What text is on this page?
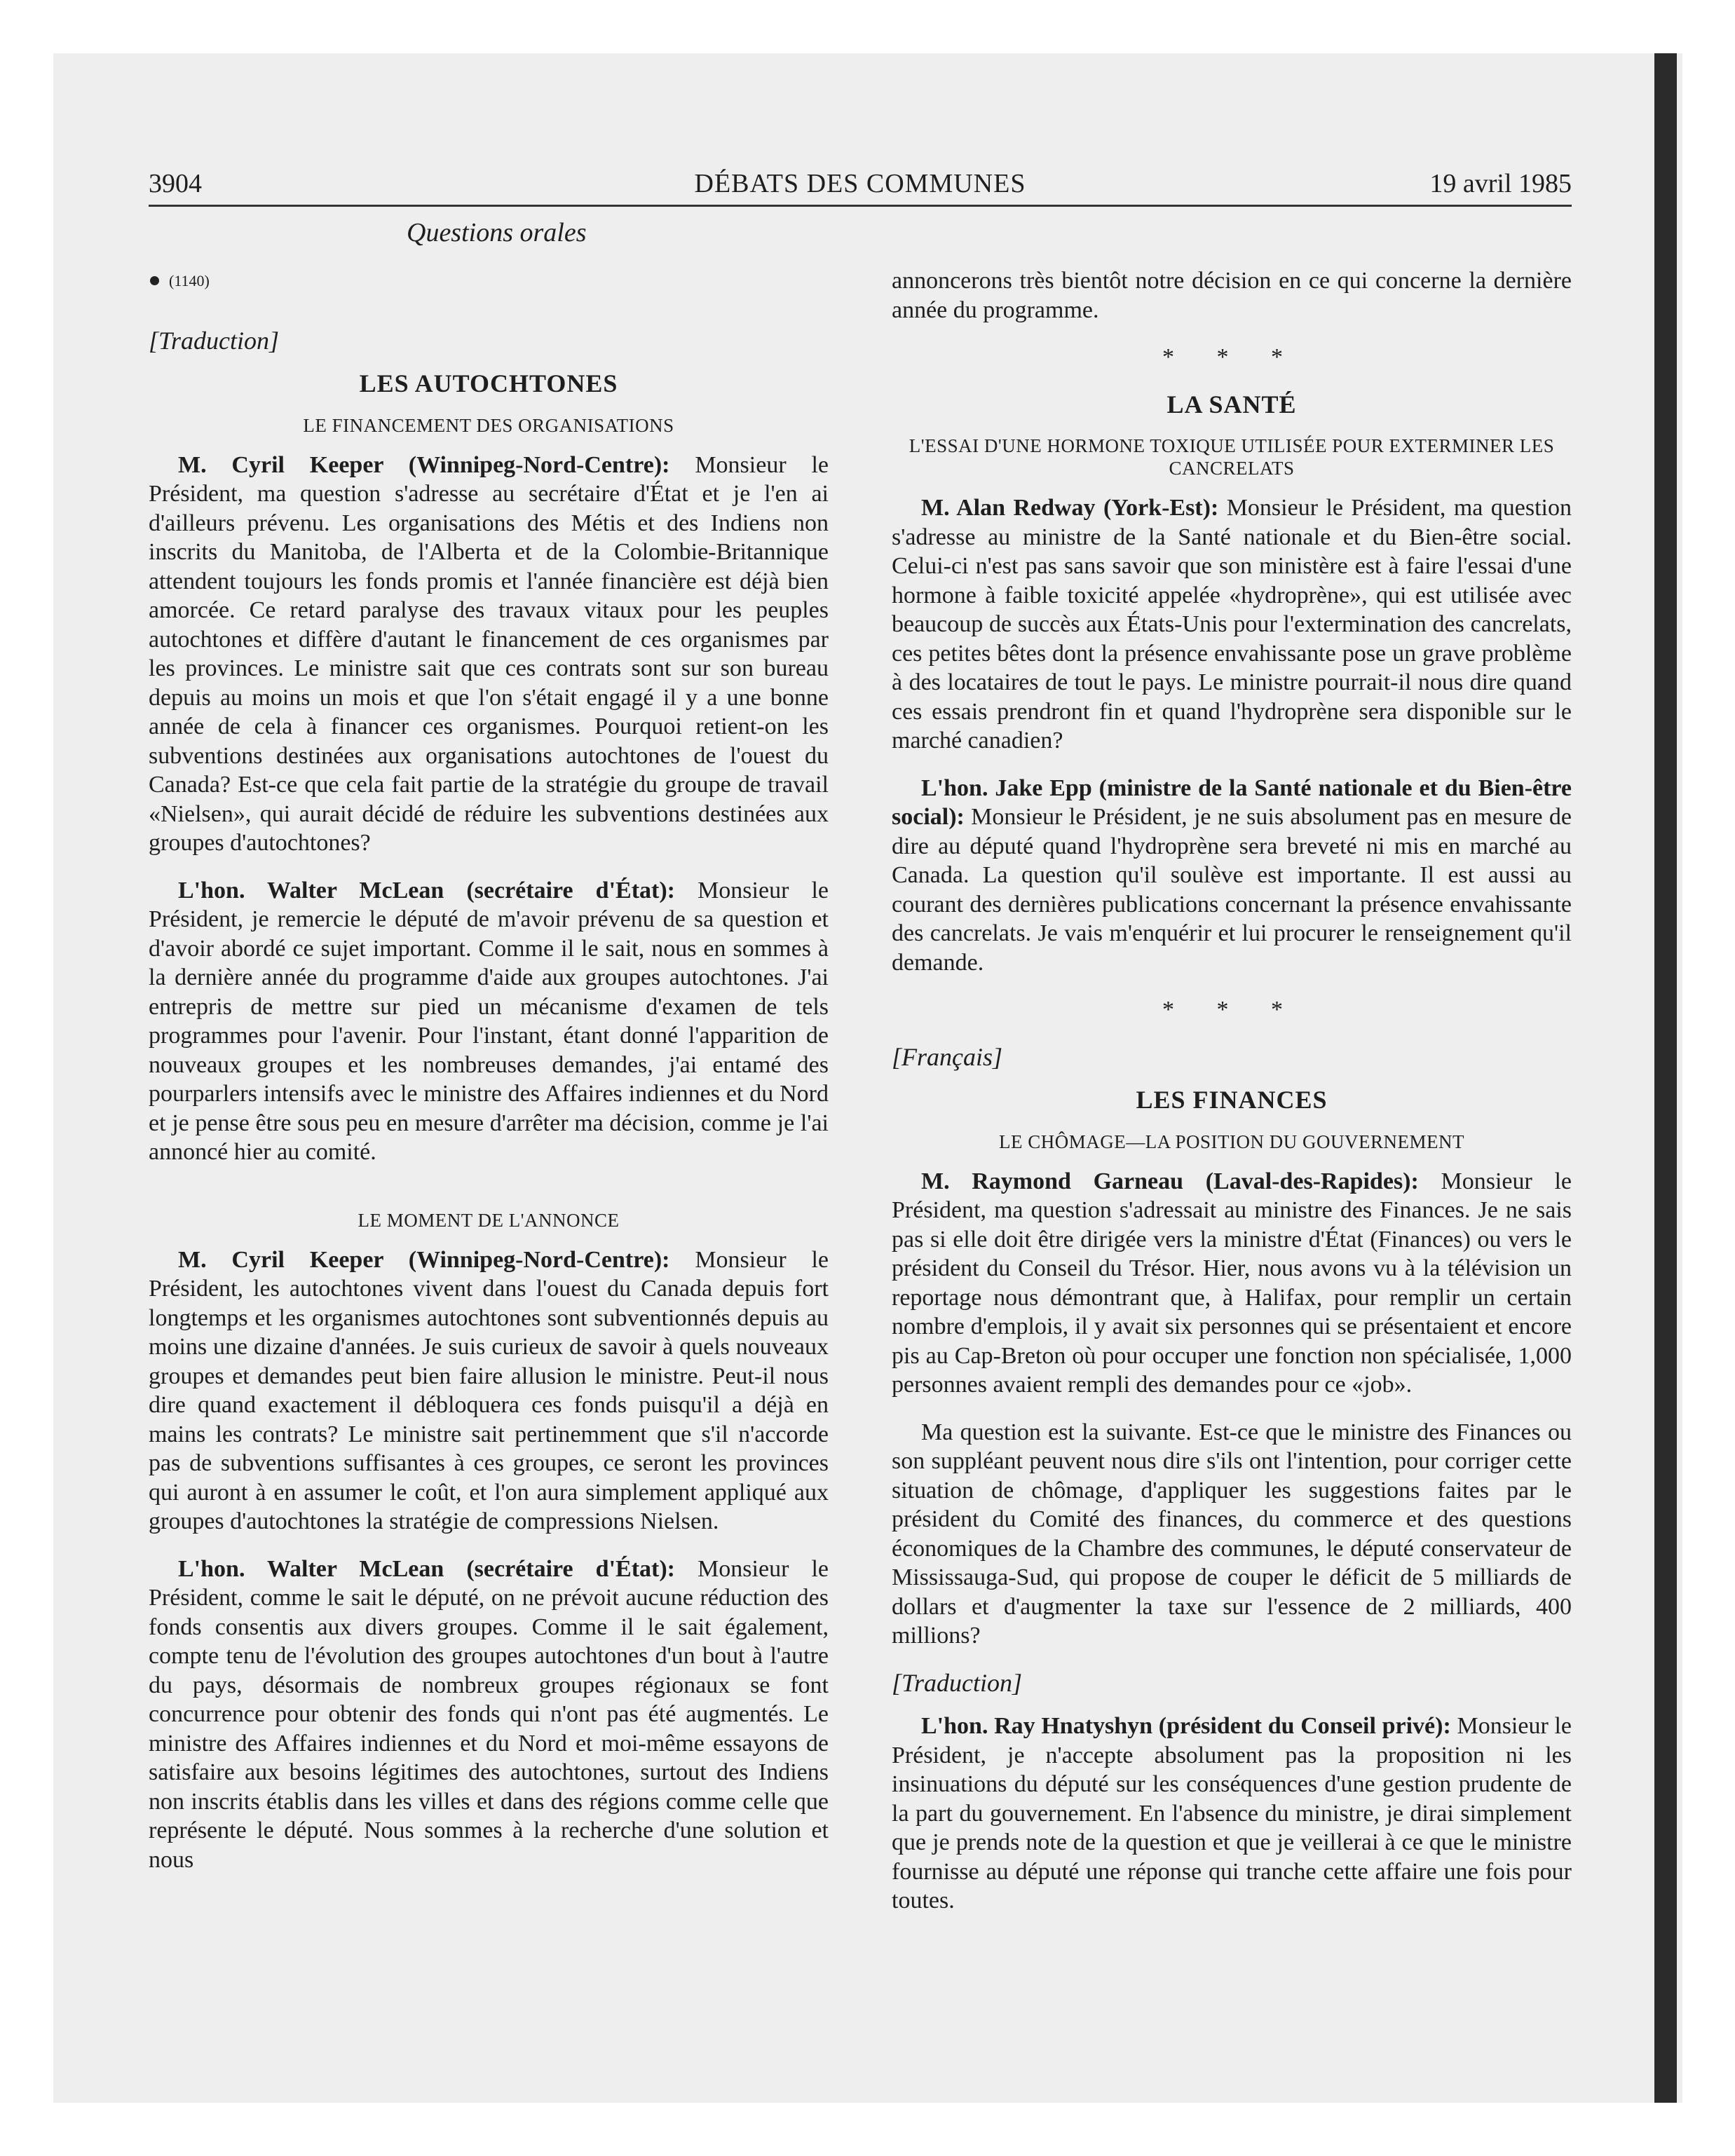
3904	DÉBATS DES COMMUNES	19 avril 1985
Questions orales
(1140)
[Traduction]
LES AUTOCHTONES
LE FINANCEMENT DES ORGANISATIONS

M. Cyril Keeper (Winnipeg-Nord-Centre): Monsieur le Président, ma question s'adresse au secrétaire d'État et je l'en ai d'ailleurs prévenu. Les organisations des Métis et des Indiens non inscrits du Manitoba, de l'Alberta et de la Colombie-Britannique attendent toujours les fonds promis et l'année financière est déjà bien amorcée. Ce retard paralyse des travaux vitaux pour les peuples autochtones et diffère d'autant le financement de ces organismes par les provinces. Le ministre sait que ces contrats sont sur son bureau depuis au moins un mois et que l'on s'était engagé il y a une bonne année de cela à financer ces organismes. Pourquoi retient-on les subventions destinées aux organisations autochtones de l'ouest du Canada? Est-ce que cela fait partie de la stratégie du groupe de travail «Nielsen», qui aurait décidé de réduire les subventions destinées aux groupes d'autochtones?

L'hon. Walter McLean (secrétaire d'État): Monsieur le Président, je remercie le député de m'avoir prévenu de sa question et d'avoir abordé ce sujet important. Comme il le sait, nous en sommes à la dernière année du programme d'aide aux groupes autochtones. J'ai entrepris de mettre sur pied un mécanisme d'examen de tels programmes pour l'avenir. Pour l'instant, étant donné l'apparition de nouveaux groupes et les nombreuses demandes, j'ai entamé des pourparlers intensifs avec le ministre des Affaires indiennes et du Nord et je pense être sous peu en mesure d'arrêter ma décision, comme je l'ai annoncé hier au comité.

LE MOMENT DE L'ANNONCE

M. Cyril Keeper (Winnipeg-Nord-Centre): Monsieur le Président, les autochtones vivent dans l'ouest du Canada depuis fort longtemps et les organismes autochtones sont subventionnés depuis au moins une dizaine d'années. Je suis curieux de savoir à quels nouveaux groupes et demandes peut bien faire allusion le ministre. Peut-il nous dire quand exactement il débloquera ces fonds puisqu'il a déjà en mains les contrats? Le ministre sait pertinemment que s'il n'accorde pas de subventions suffisantes à ces groupes, ce seront les provinces qui auront à en assumer le coût, et l'on aura simplement appliqué aux groupes d'autochtones la stratégie de compressions Nielsen.

L'hon. Walter McLean (secrétaire d'État): Monsieur le Président, comme le sait le député, on ne prévoit aucune réduction des fonds consentis aux divers groupes. Comme il le sait également, compte tenu de l'évolution des groupes autochtones d'un bout à l'autre du pays, désormais de nombreux groupes régionaux se font concurrence pour obtenir des fonds qui n'ont pas été augmentés. Le ministre des Affaires indiennes et du Nord et moi-même essayons de satisfaire aux besoins légitimes des autochtones, surtout des Indiens non inscrits établis dans les villes et dans des régions comme celle que représente le député. Nous sommes à la recherche d'une solution et nous

annoncerons très bientôt notre décision en ce qui concerne la dernière année du programme.

* * *
LA SANTÉ
L'ESSAI D'UNE HORMONE TOXIQUE UTILISÉE POUR EXTERMINER LES CANCRELATS

M. Alan Redway (York-Est): Monsieur le Président, ma question s'adresse au ministre de la Santé nationale et du Bien-être social. Celui-ci n'est pas sans savoir que son ministère est à faire l'essai d'une hormone à faible toxicité appelée «hydroprène», qui est utilisée avec beaucoup de succès aux États-Unis pour l'extermination des cancrelats, ces petites bêtes dont la présence envahissante pose un grave problème à des locataires de tout le pays. Le ministre pourrait-il nous dire quand ces essais prendront fin et quand l'hydroprène sera disponible sur le marché canadien?

L'hon. Jake Epp (ministre de la Santé nationale et du Bien-être social): Monsieur le Président, je ne suis absolument pas en mesure de dire au député quand l'hydroprène sera breveté ni mis en marché au Canada. La question qu'il soulève est importante. Il est aussi au courant des dernières publications concernant la présence envahissante des cancrelats. Je vais m'enquérir et lui procurer le renseignement qu'il demande.

* * *
[Français]
LES FINANCES
LE CHÔMAGE—LA POSITION DU GOUVERNEMENT

M. Raymond Garneau (Laval-des-Rapides): Monsieur le Président, ma question s'adressait au ministre des Finances. Je ne sais pas si elle doit être dirigée vers la ministre d'État (Finances) ou vers le président du Conseil du Trésor. Hier, nous avons vu à la télévision un reportage nous démontrant que, à Halifax, pour remplir un certain nombre d'emplois, il y avait six personnes qui se présentaient et encore pis au Cap-Breton où pour occuper une fonction non spécialisée, 1,000 personnes avaient rempli des demandes pour ce «job».

Ma question est la suivante. Est-ce que le ministre des Finances ou son suppléant peuvent nous dire s'ils ont l'intention, pour corriger cette situation de chômage, d'appliquer les suggestions faites par le président du Comité des finances, du commerce et des questions économiques de la Chambre des communes, le député conservateur de Mississauga-Sud, qui propose de couper le déficit de 5 milliards de dollars et d'augmenter la taxe sur l'essence de 2 milliards, 400 millions?

[Traduction]

L'hon. Ray Hnatyshyn (président du Conseil privé): Monsieur le Président, je n'accepte absolument pas la proposition ni les insinuations du député sur les conséquences d'une gestion prudente de la part du gouvernement. En l'absence du ministre, je dirai simplement que je prends note de la question et que je veillerai à ce que le ministre fournisse au député une réponse qui tranche cette affaire une fois pour toutes.
